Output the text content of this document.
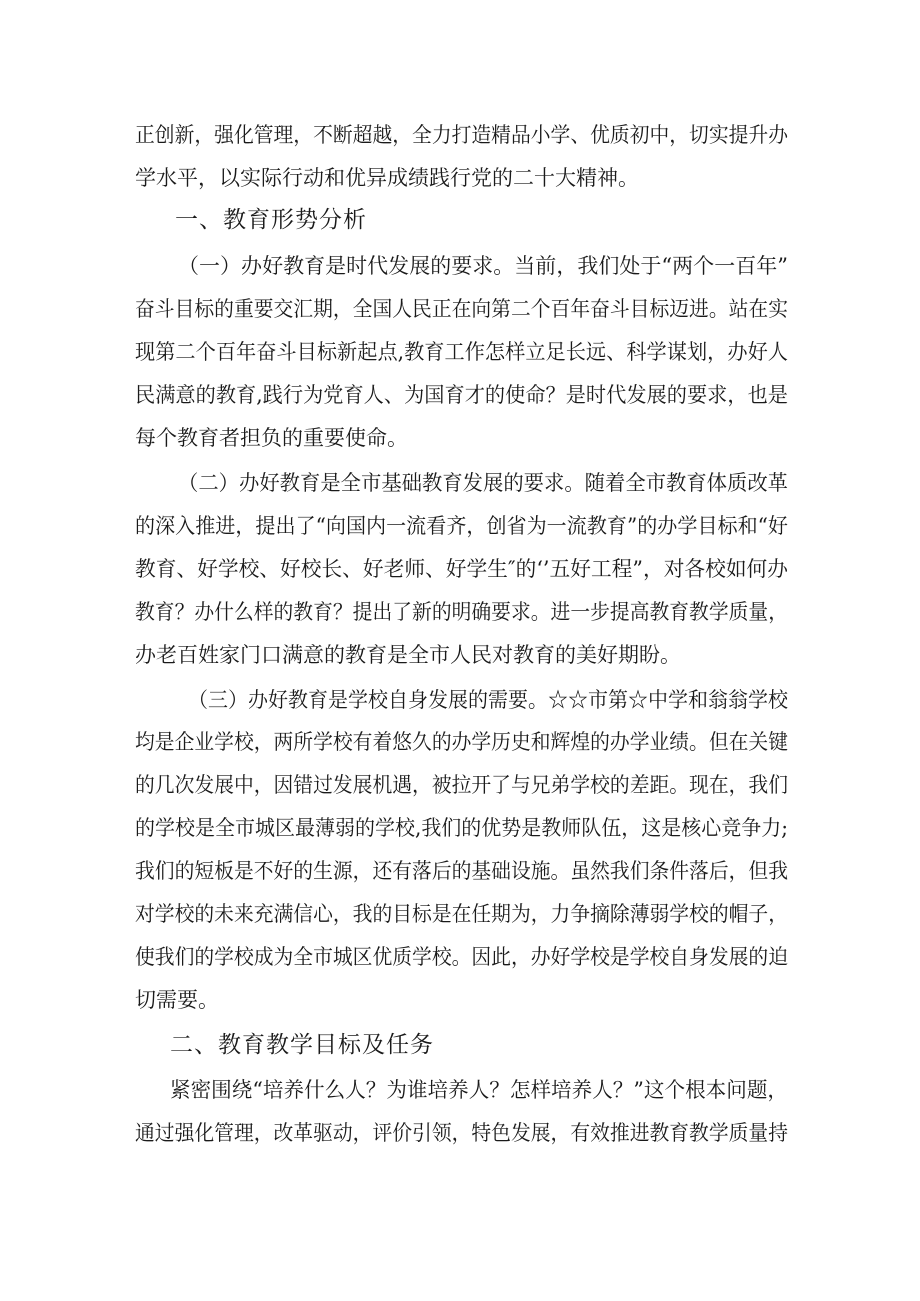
正创新，强化管理，不断超越，全力打造精品小学、优质初中，切实提升办
学水平，以实际行动和优异成绩践行党的二十大精神。
一、教育形势分析
（一）办好教育是时代发展的要求。当前，我们处于“两个一百年”
奋斗目标的重要交汇期，全国人民正在向第二个百年奋斗目标迈进。站在实
现第二个百年奋斗目标新起点,教育工作怎样立足长远、科学谋划，办好人
民满意的教育,践行为党育人、为国育才的使命？是时代发展的要求，也是
每个教育者担负的重要使命。
（二）办好教育是全市基础教育发展的要求。随着全市教育体质改革
的深入推进，提出了“向国内一流看齐，创省为一流教育”的办学目标和“好
教育、好学校、好校长、好老师、好学生″的‘’五好工程”，对各校如何办
教育？办什么样的教育？提出了新的明确要求。进一步提高教育教学质量，
办老百姓家门口满意的教育是全市人民对教育的美好期盼。
（三）办好教育是学校自身发展的需要。☆☆市第☆中学和翁翁学校
均是企业学校，两所学校有着悠久的办学历史和辉煌的办学业绩。但在关键
的几次发展中，因错过发展机遇，被拉开了与兄弟学校的差距。现在，我们
的学校是全市城区最薄弱的学校,我们的优势是教师队伍，这是核心竞争力;
我们的短板是不好的生源，还有落后的基础设施。虽然我们条件落后，但我
对学校的未来充满信心，我的目标是在任期为，力争摘除薄弱学校的帽子，
使我们的学校成为全市城区优质学校。因此，办好学校是学校自身发展的迫
切需要。
二、教育教学目标及任务
紧密围绕“培养什么人？为谁培养人？怎样培养人？”这个根本问题，
通过强化管理，改革驱动，评价引领，特色发展，有效推进教育教学质量持
